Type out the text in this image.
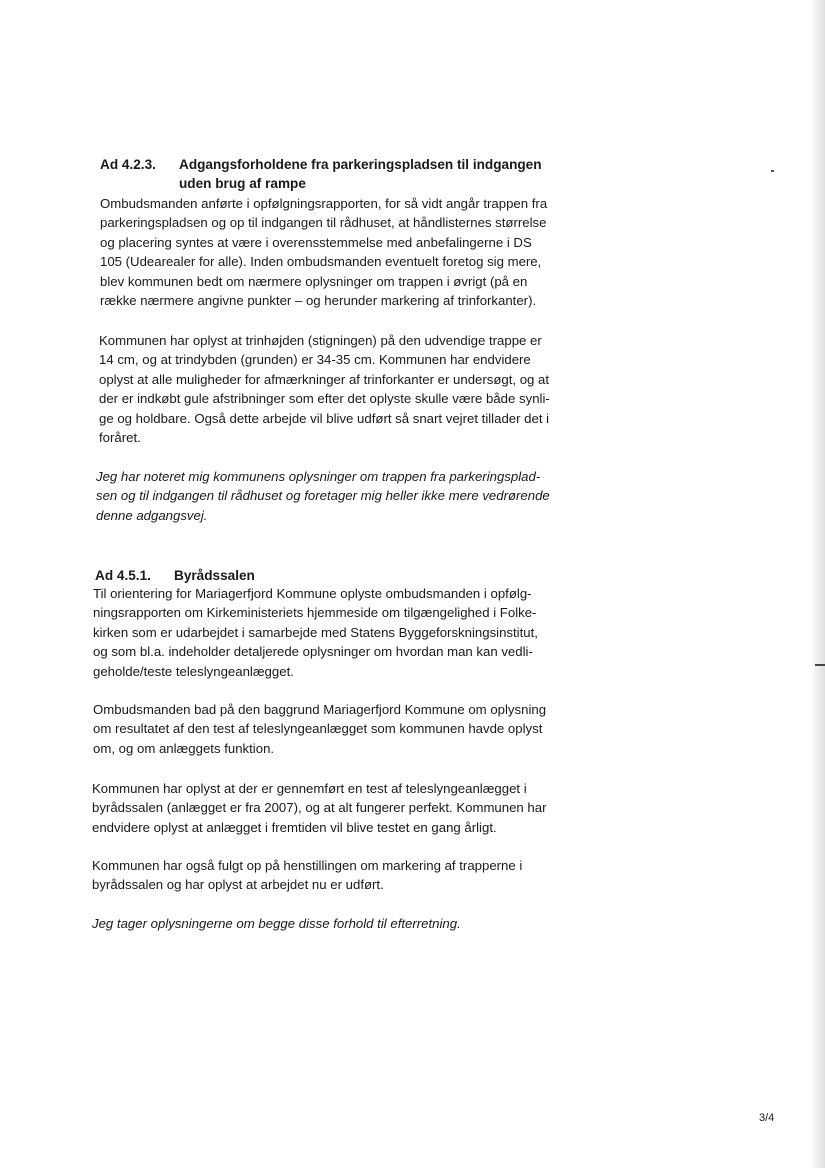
Ad 4.2.3.	Adgangsforholdene fra parkeringspladsen til indgangen
uden brug af rampe
Ombudsmanden anførte i opfølgningsrapporten, for så vidt angår trappen fra
parkeringspladsen og op til indgangen til rådhuset, at håndlisternes størrelse
og placering syntes at være i overensstemmelse med anbefalingerne i DS
105 (Udearealer for alle). Inden ombudsmanden eventuelt foretog sig mere,
blev kommunen bedt om nærmere oplysninger om trappen i øvrigt (på en
række nærmere angivne punkter – og herunder markering af trinforkanter).
Kommunen har oplyst at trinhøjden (stigningen) på den udvendige trappe er
14 cm, og at trindybden (grunden) er 34-35 cm. Kommunen har endvidere
oplyst at alle muligheder for afmærkninger af trinforkanter er undersøgt, og at
der er indkøbt gule afstribninger som efter det oplyste skulle være både synli-
ge og holdbare. Også dette arbejde vil blive udført så snart vejret tillader det i
foråret.
Jeg har noteret mig kommunens oplysninger om trappen fra parkeringsplad-
sen og til indgangen til rådhuset og foretager mig heller ikke mere vedrørende
denne adgangsvej.
Ad 4.5.1.	Byrådssalen
Til orientering for Mariagerfjord Kommune oplyste ombudsmanden i opfølg-
ningsrapporten om Kirkeministeriets hjemmeside om tilgængelighed i Folke-
kirken som er udarbejdet i samarbejde med Statens Byggeforskningsinstitut,
og som bl.a. indeholder detaljerede oplysninger om hvordan man kan vedli-
geholde/teste teleslyngeanlægget.
Ombudsmanden bad på den baggrund Mariagerfjord Kommune om oplysning
om resultatet af den test af teleslyngeanlægget som kommunen havde oplyst
om, og om anlæggets funktion.
Kommunen har oplyst at der er gennemført en test af teleslyngeanlægget i
byrådssalen (anlægget er fra 2007), og at alt fungerer perfekt. Kommunen har
endvidere oplyst at anlægget i fremtiden vil blive testet en gang årligt.
Kommunen har også fulgt op på henstillingen om markering af trapperne i
byrådssalen og har oplyst at arbejdet nu er udført.
Jeg tager oplysningerne om begge disse forhold til efterretning.
3/4
